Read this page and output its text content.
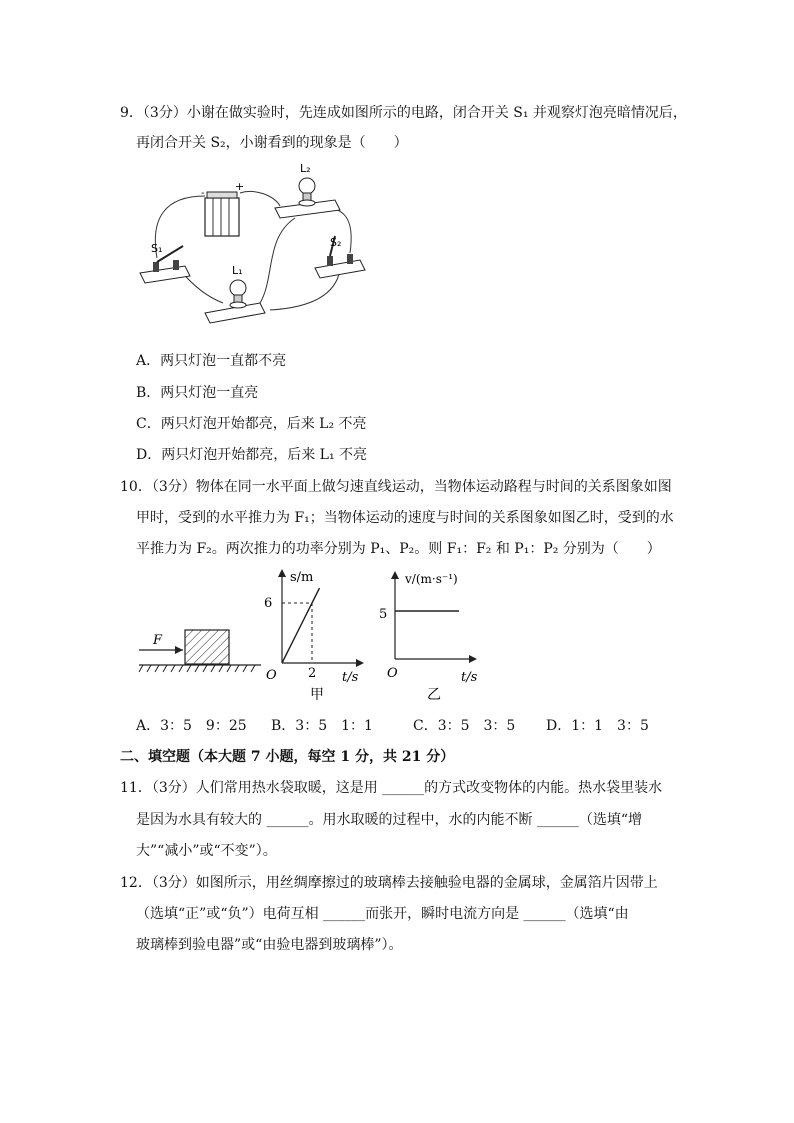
9．（3分）小谢在做实验时，先连成如图所示的电路，闭合开关 S₁ 并观察灯泡亮暗情况后，
再闭合开关 S₂，小谢看到的现象是（　　）
-
+
L₂
S₁	S₂
L₁
A．两只灯泡一直都不亮
B．两只灯泡一直亮
C．两只灯泡开始都亮，后来 L₂ 不亮
D．两只灯泡开始都亮，后来 L₁ 不亮
10．（3分）物体在同一水平面上做匀速直线运动，当物体运动路程与时间的关系图象如图
甲时，受到的水平推力为 F₁；当物体运动的速度与时间的关系图象如图乙时，受到的水
平推力为 F₂。两次推力的功率分别为 P₁、P₂。则 F₁：F₂ 和 P₁：P₂ 分别为（　　）
F
s/m
t/s
O
6
2
甲
v/(m·s⁻¹)
t/s
O
5
乙
A．3：5　9：25 B．3：5　1：1	C．3：5　3：5 D．1：1　3：5
二、填空题（本大题 7 小题，每空 1 分，共 21 分）
11．（3分）人们常用热水袋取暖，这是用 ______的方式改变物体的内能。热水袋里装水
是因为水具有较大的 ______。用水取暖的过程中，水的内能不断 ______（选填“增
大”“减小”或“不变”）。
12．（3分）如图所示，用丝绸摩擦过的玻璃棒去接触验电器的金属球，金属箔片因带上
（选填“正”或“负”）电荷互相 ______而张开，瞬时电流方向是 ______（选填“由
玻璃棒到验电器”或“由验电器到玻璃棒”）。
